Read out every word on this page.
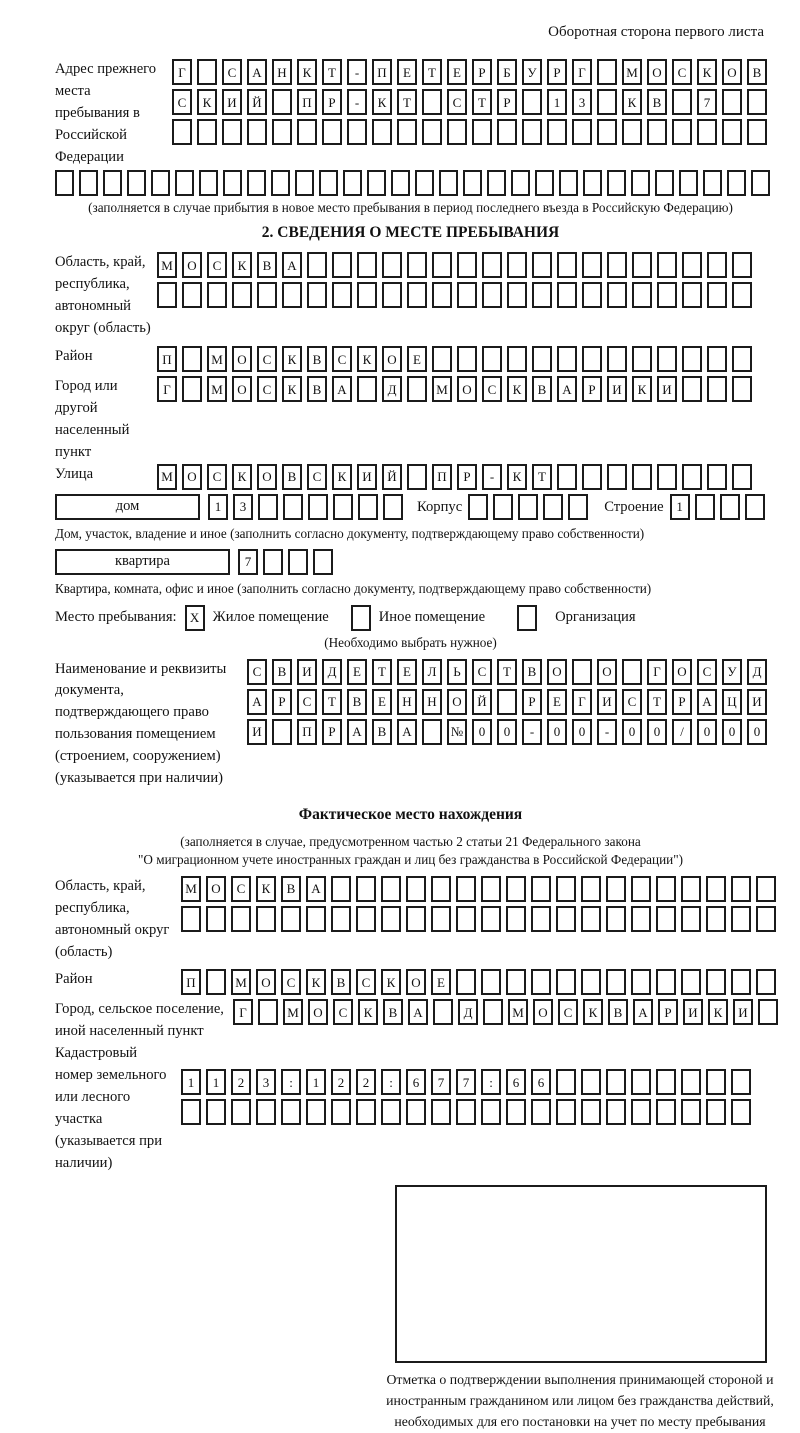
Оборотная сторона первого листа
Адрес прежнего места пребывания в Российской Федерации
Г	С	А	Н	К	Т	-	П	Е	Т	Е	Р	Б	У	Р	Г	М	О	С	К	О	В
С	К	И	Й	П	Р	-	К	Т	С	Т	Р	1	3	К	В	7
(заполняется в случае прибытия в новое место пребывания в период последнего въезда в Российскую Федерацию)
2. СВЕДЕНИЯ О МЕСТЕ ПРЕБЫВАНИЯ
Область, край, республика, автономный округ (область)
М	О	С	К	В	А
Район	П	М	О	С	К	В	С	К	О	Е
Город или другой населенный пункт
Г	М	О	С	К	В	А	Д	М	О	С	К	В	А	Р	И	К	И
Улица	М	О	С	К	О	В	С	К	И	Й	П	Р	-	К	Т
дом	1	3	Корпус	Строение 1
Дом, участок, владение и иное (заполнить согласно документу, подтверждающему право собственности)
квартира	7
Квартира, комната, офис и иное (заполнить согласно документу, подтверждающему право собственности)
Место пребывания:	X Жилое помещение	Иное помещение	Организация
(Необходимо выбрать нужное)
Наименование и реквизиты документа, подтверждающего право пользования помещением (строением, сооружением) (указывается при наличии)
С	В	И	Д	Е	Т	Е	Л	Ь	С	Т	В	О	О	Г	О	С	У	Д
А	Р	С	Т	В	Е	Н	Н	О	Й	Р	Е	Г	И	С	Т	Р	А	Ц	И
И	П	Р	А	В	А	№	0	0	-	0	0	-	0	0	/	0	0	0
Фактическое место нахождения
(заполняется в случае, предусмотренном частью 2 статьи 21 Федерального закона
"О миграционном учете иностранных граждан и лиц без гражданства в Российской Федерации")
Область, край, республика, автономный округ (область)
М	О	С	К	В	А
Район	П	М	О	С	К	В	С	К	О	Е
Город, сельское поселение, иной населенный пункт
Г	М	О	С	К	В	А	Д	М	О	С	К	В	А	Р	И	К	И
Кадастровый номер земельного или лесного участка (указывается при наличии)
1	1	2	3	:	1	2	2	:	6	7	7	:	6	6
Отметка о подтверждении выполнения принимающей стороной и иностранным гражданином или лицом без гражданства действий, необходимых для его постановки на учет по месту пребывания
